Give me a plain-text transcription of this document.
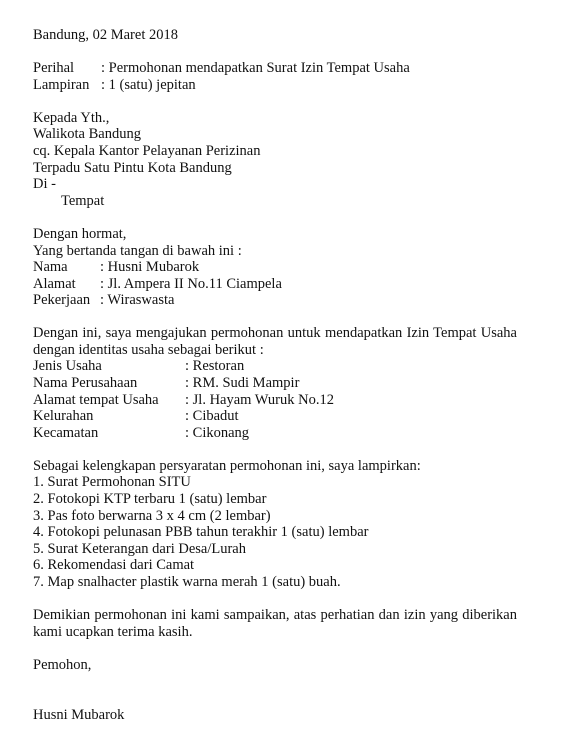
Bandung, 02 Maret 2018
Perihal : Permohonan mendapatkan Surat Izin Tempat Usaha
Lampiran : 1 (satu) jepitan
Kepada Yth.,
Walikota Bandung
cq. Kepala Kantor Pelayanan Perizinan
Terpadu Satu Pintu Kota Bandung
Di -
Tempat
Dengan hormat,
Yang bertanda tangan di bawah ini :
Nama : Husni Mubarok
Alamat : Jl. Ampera II No.11 Ciampela
Pekerjaan : Wiraswasta
Dengan ini, saya mengajukan permohonan untuk mendapatkan Izin Tempat Usaha dengan identitas usaha sebagai berikut :
Jenis Usaha	: Restoran
Nama Perusahaan	: RM. Sudi Mampir
Alamat tempat Usaha : Jl. Hayam Wuruk No.12
Kelurahan	: Cibadut
Kecamatan	: Cikonang
Sebagai kelengkapan persyaratan permohonan ini, saya lampirkan:
1. Surat Permohonan SITU
2. Fotokopi KTP terbaru 1 (satu) lembar
3. Pas foto berwarna 3 x 4 cm (2 lembar)
4. Fotokopi pelunasan PBB tahun terakhir 1 (satu) lembar
5. Surat Keterangan dari Desa/Lurah
6. Rekomendasi dari Camat
7. Map snalhacter plastik warna merah 1 (satu) buah.
Demikian permohonan ini kami sampaikan, atas perhatian dan izin yang diberikan kami ucapkan terima kasih.
Pemohon,
Husni Mubarok
